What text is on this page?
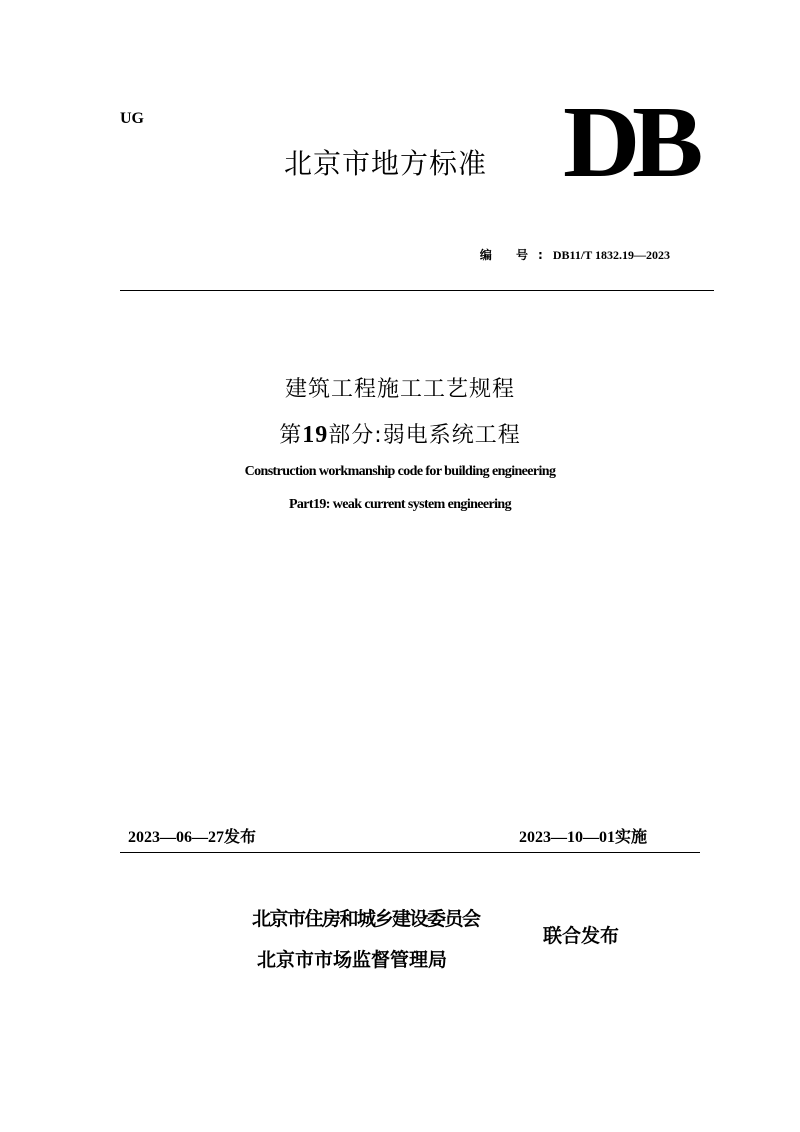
UG
北京市地方标准 DB
编 号:DB11/T 1832.19—2023
建筑工程施工工艺规程
第19部分:弱电系统工程
Construction workmanship code for building engineering
Part19: weak current system engineering
2023—06—27发布	2023—10—01实施
北京市住房和城乡建设委员会
北京市市场监督管理局
联合发布
